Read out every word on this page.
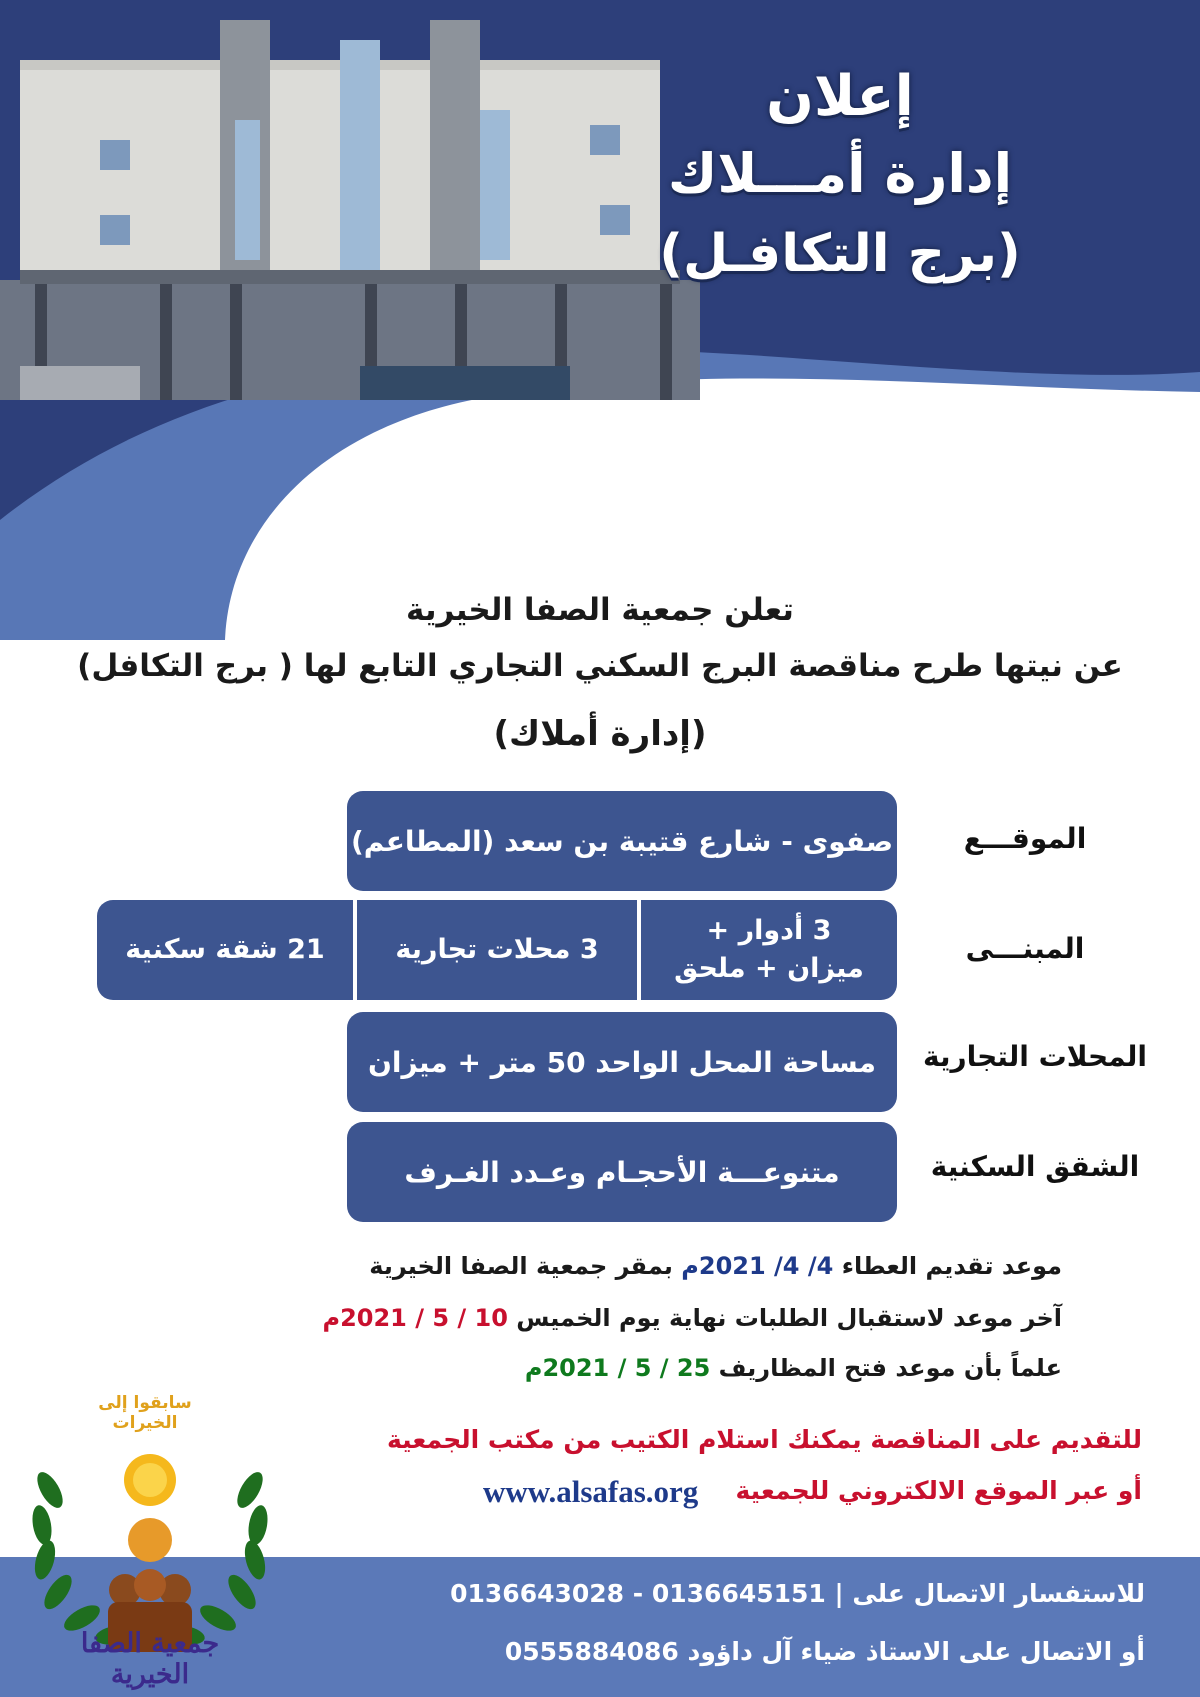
إعلان
إدارة أمـــلاك
(برج التكافـل)
تعلن جمعية الصفا الخيرية
عن نيتها طرح مناقصة البرج السكني التجاري التابع لها ( برج التكافل)
(إدارة أملاك)
الموقـــع
صفوى - شارع قتيبة بن سعد (المطاعم)
المبنـــى
3 أدوار +
ميزان + ملحق
3 محلات تجارية
21 شقة سكنية
المحلات التجارية
مساحة المحل الواحد 50 متر + ميزان
الشقق السكنية
متنوعـــة الأحجـام وعـدد الغـرف
موعد تقديم العطاء 4/ 4/ 2021م بمقر جمعية الصفا الخيرية
آخر موعد لاستقبال الطلبات نهاية يوم الخميس 10 / 5 / 2021م
علماً بأن موعد فتح المظاريف 25 / 5 / 2021م
للتقديم على المناقصة يمكنك استلام الكتيب من مكتب الجمعية
أو عبر الموقع الالكتروني للجمعية
www.alsafas.org
للاستفسار الاتصال على | 0136645151 - 0136643028
أو الاتصال على الاستاذ ضياء آل داؤود 0555884086
سابقوا إلى الخيرات
جمعية الصفا الخيرية
